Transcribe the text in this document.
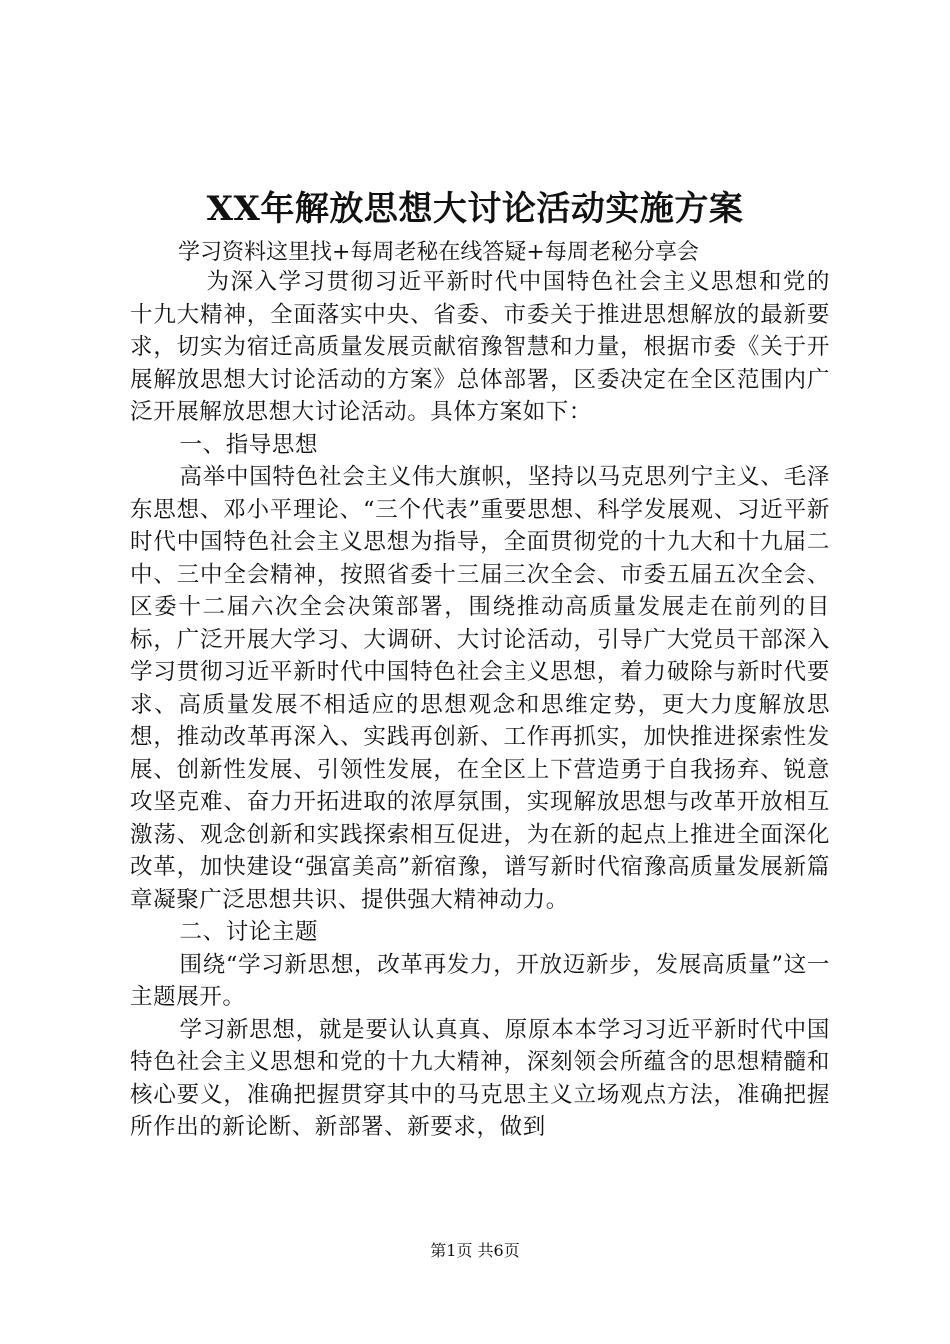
XX年解放思想大讨论活动实施方案
学习资料这里找+每周老秘在线答疑+每周老秘分享会

为深入学习贯彻习近平新时代中国特色社会主义思想和党的十九大精神，全面落实中央、省委、市委关于推进思想解放的最新要求，切实为宿迁高质量发展贡献宿豫智慧和力量，根据市委《关于开展解放思想大讨论活动的方案》总体部署，区委决定在全区范围内广泛开展解放思想大讨论活动。具体方案如下：

一、指导思想

高举中国特色社会主义伟大旗帜，坚持以马克思列宁主义、毛泽东思想、邓小平理论、“三个代表”重要思想、科学发展观、习近平新时代中国特色社会主义思想为指导，全面贯彻党的十九大和十九届二中、三中全会精神，按照省委十三届三次全会、市委五届五次全会、区委十二届六次全会决策部署，围绕推动高质量发展走在前列的目标，广泛开展大学习、大调研、大讨论活动，引导广大党员干部深入学习贯彻习近平新时代中国特色社会主义思想，着力破除与新时代要求、高质量发展不相适应的思想观念和思维定势，更大力度解放思想，推动改革再深入、实践再创新、工作再抓实，加快推进探索性发展、创新性发展、引领性发展，在全区上下营造勇于自我扬弃、锐意攻坚克难、奋力开拓进取的浓厚氛围，实现解放思想与改革开放相互激荡、观念创新和实践探索相互促进，为在新的起点上推进全面深化改革，加快建设“强富美高”新宿豫，谱写新时代宿豫高质量发展新篇章凝聚广泛思想共识、提供强大精神动力。

二、讨论主题

围绕“学习新思想，改革再发力，开放迈新步，发展高质量”这一主题展开。

学习新思想，就是要认认真真、原原本本学习习近平新时代中国特色社会主义思想和党的十九大精神，深刻领会所蕴含的思想精髓和核心要义，准确把握贯穿其中的马克思主义立场观点方法，准确把握所作出的新论断、新部署、新要求，做到

第1页 共6页
